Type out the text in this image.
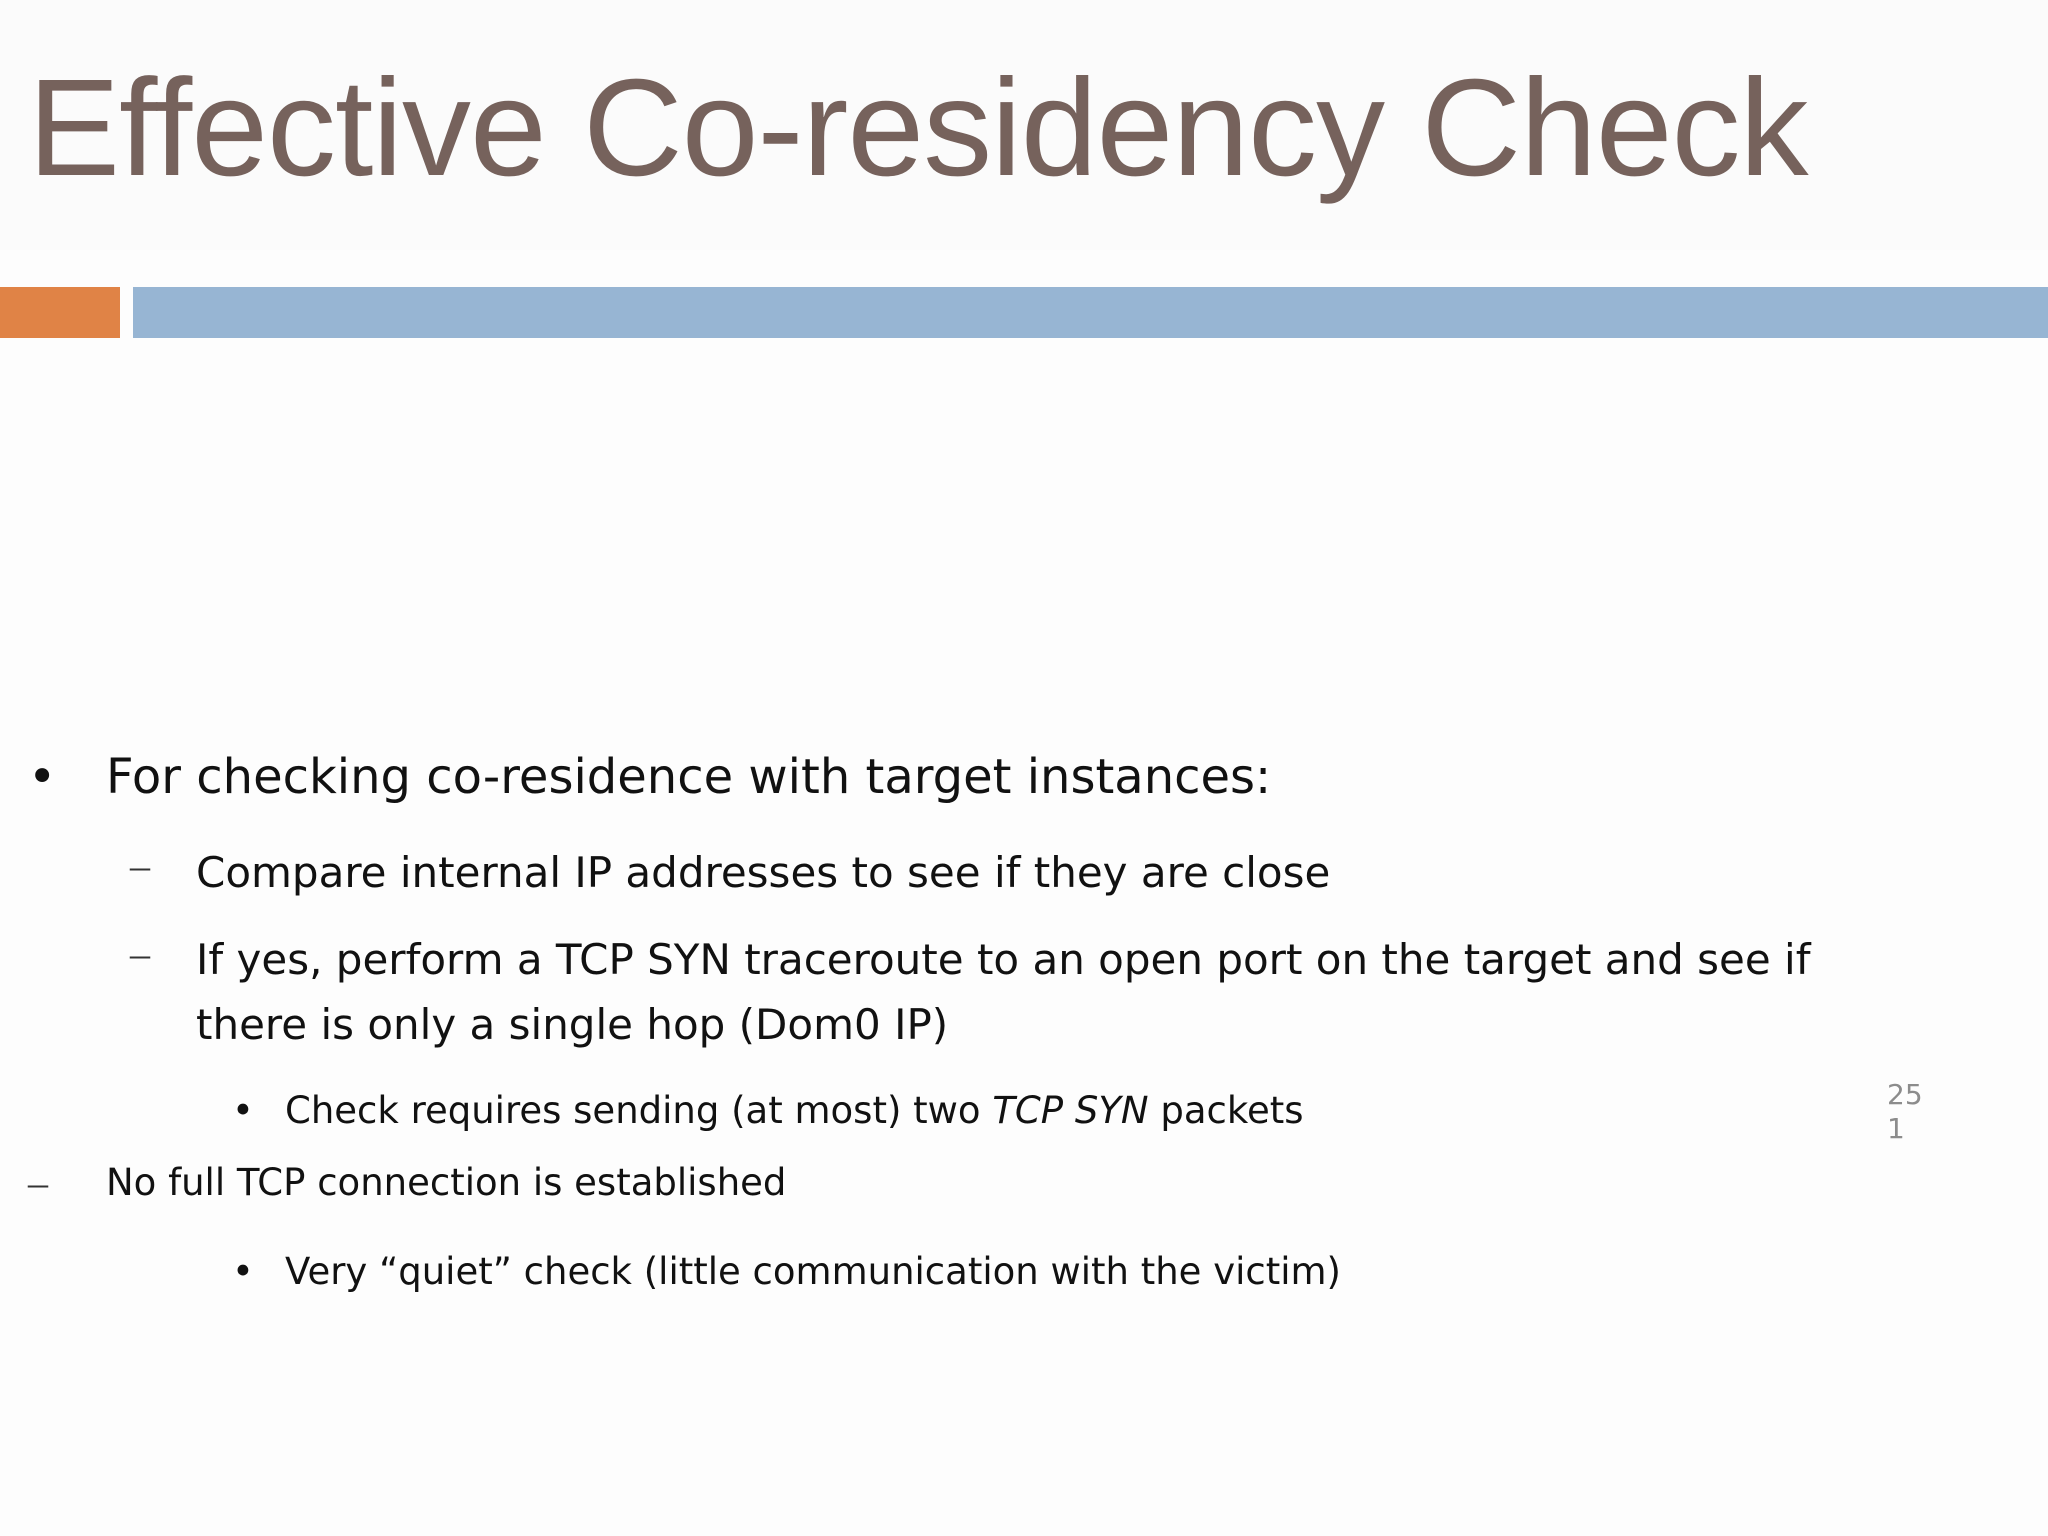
Effective Co-residency Check
• For checking co-residence with target instances:
– Compare internal IP addresses to see if they are close
– If yes, perform a TCP SYN traceroute to an open port on the target and see if
there is only a single hop (Dom0 IP)
• Check requires sending (at most) two TCP SYN packets
– No full TCP connection is established
• Very “quiet” check (little communication with the victim)
25​1
